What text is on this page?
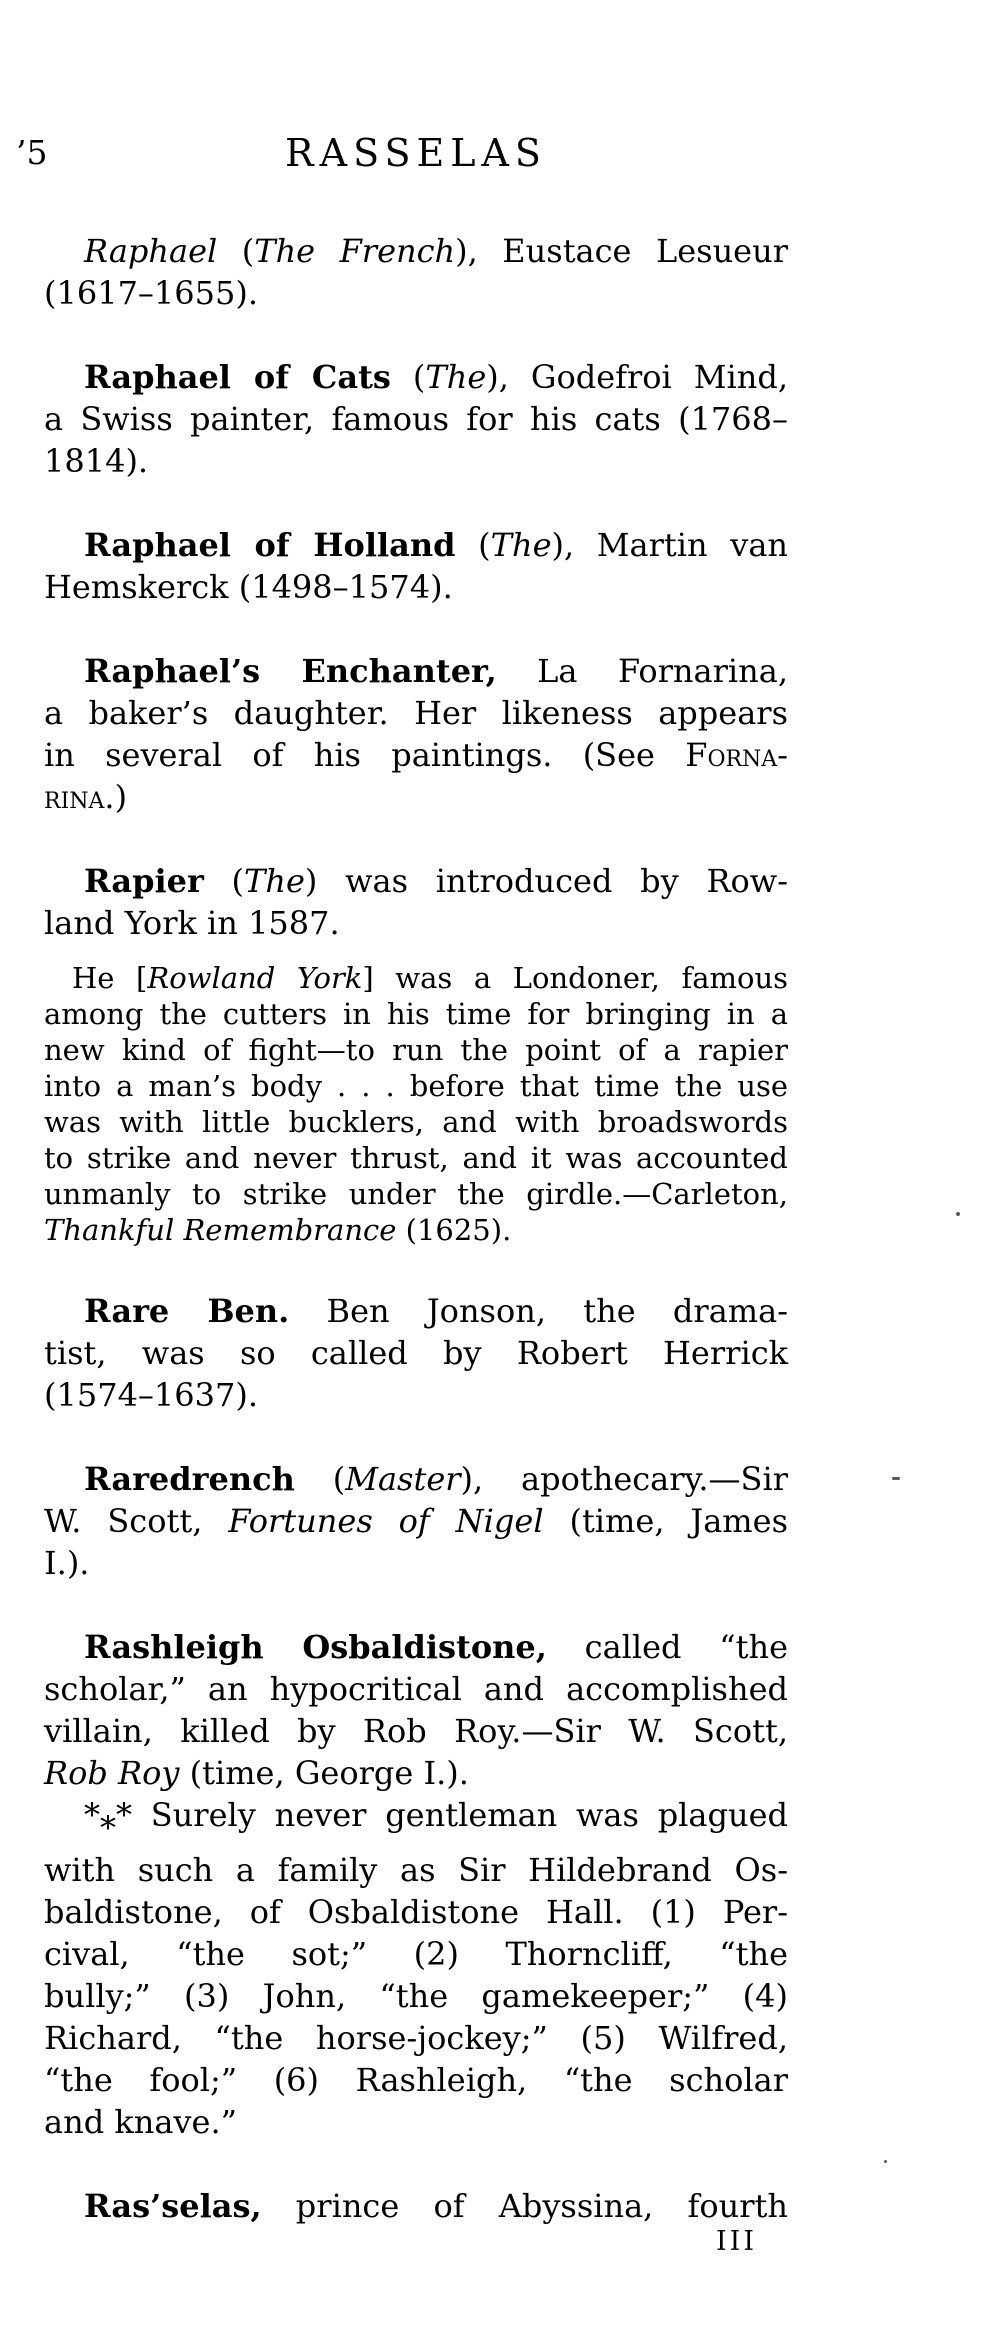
’5	RASSELAS
Raphael (The French), Eustace Lesueur
(1617–1655).
Raphael of Cats (The), Godefroi Mind,
a Swiss painter, famous for his cats (1768–
1814).
Raphael of Holland (The), Martin van
Hemskerck (1498–1574).
Raphael’s Enchanter, La Fornarina,
a baker’s daughter. Her likeness appears
in several of his paintings. (See Forna-
rina.)
Rapier (The) was introduced by Row-
land York in 1587.
He [Rowland York] was a Londoner, famous
among the cutters in his time for bringing in a
new kind of fight—to run the point of a rapier
into a man’s body . . . before that time the use
was with little bucklers, and with broadswords
to strike and never thrust, and it was accounted
unmanly to strike under the girdle.—Carleton,
Thankful Remembrance (1625).
Rare Ben. Ben Jonson, the drama-
tist, was so called by Robert Herrick
(1574–1637).
Raredrench (Master), apothecary.—Sir
W. Scott, Fortunes of Nigel (time, James
I.).
Rashleigh Osbaldistone, called “the
scholar,” an hypocritical and accomplished
villain, killed by Rob Roy.—Sir W. Scott,
Rob Roy (time, George I.).
*** Surely never gentleman was plagued
with such a family as Sir Hildebrand Os-
baldistone, of Osbaldistone Hall. (1) Per-
cival, “the sot;” (2) Thorncliff, “the
bully;” (3) John, “the gamekeeper;” (4)
Richard, “the horse-jockey;” (5) Wilfred,
“the fool;” (6) Rashleigh, “the scholar
and knave.”
Ras’selas, prince of Abyssina, fourth
III
